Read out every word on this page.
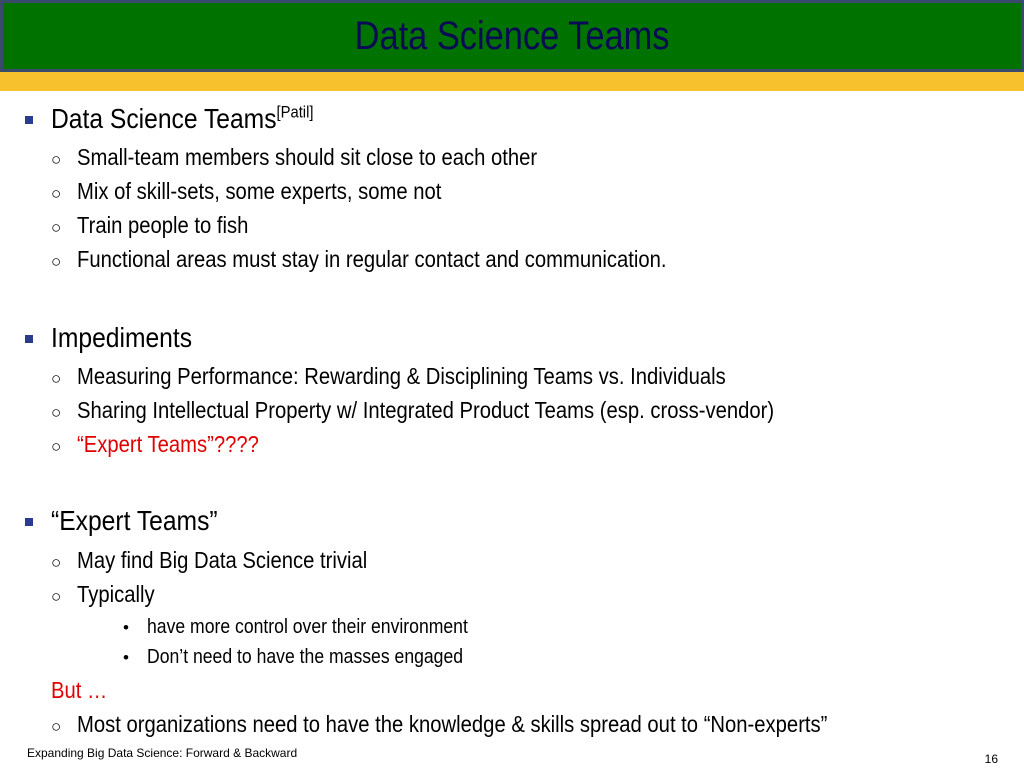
Data Science Teams
Data Science Teams[Patil]
○ Small-team members should sit close to each other
○ Mix of skill-sets, some experts, some not
○ Train people to fish
○ Functional areas must stay in regular contact and communication.
Impediments
○ Measuring Performance: Rewarding & Disciplining Teams vs. Individuals
○ Sharing Intellectual Property w/ Integrated Product Teams (esp. cross-vendor)
○ “Expert Teams”????
“Expert Teams”
○ May find Big Data Science trivial
○ Typically
• have more control over their environment
• Don’t need to have the masses engaged
But …
○ Most organizations need to have the knowledge & skills spread out to “Non-experts”
Expanding Big Data Science: Forward & Backward	16
